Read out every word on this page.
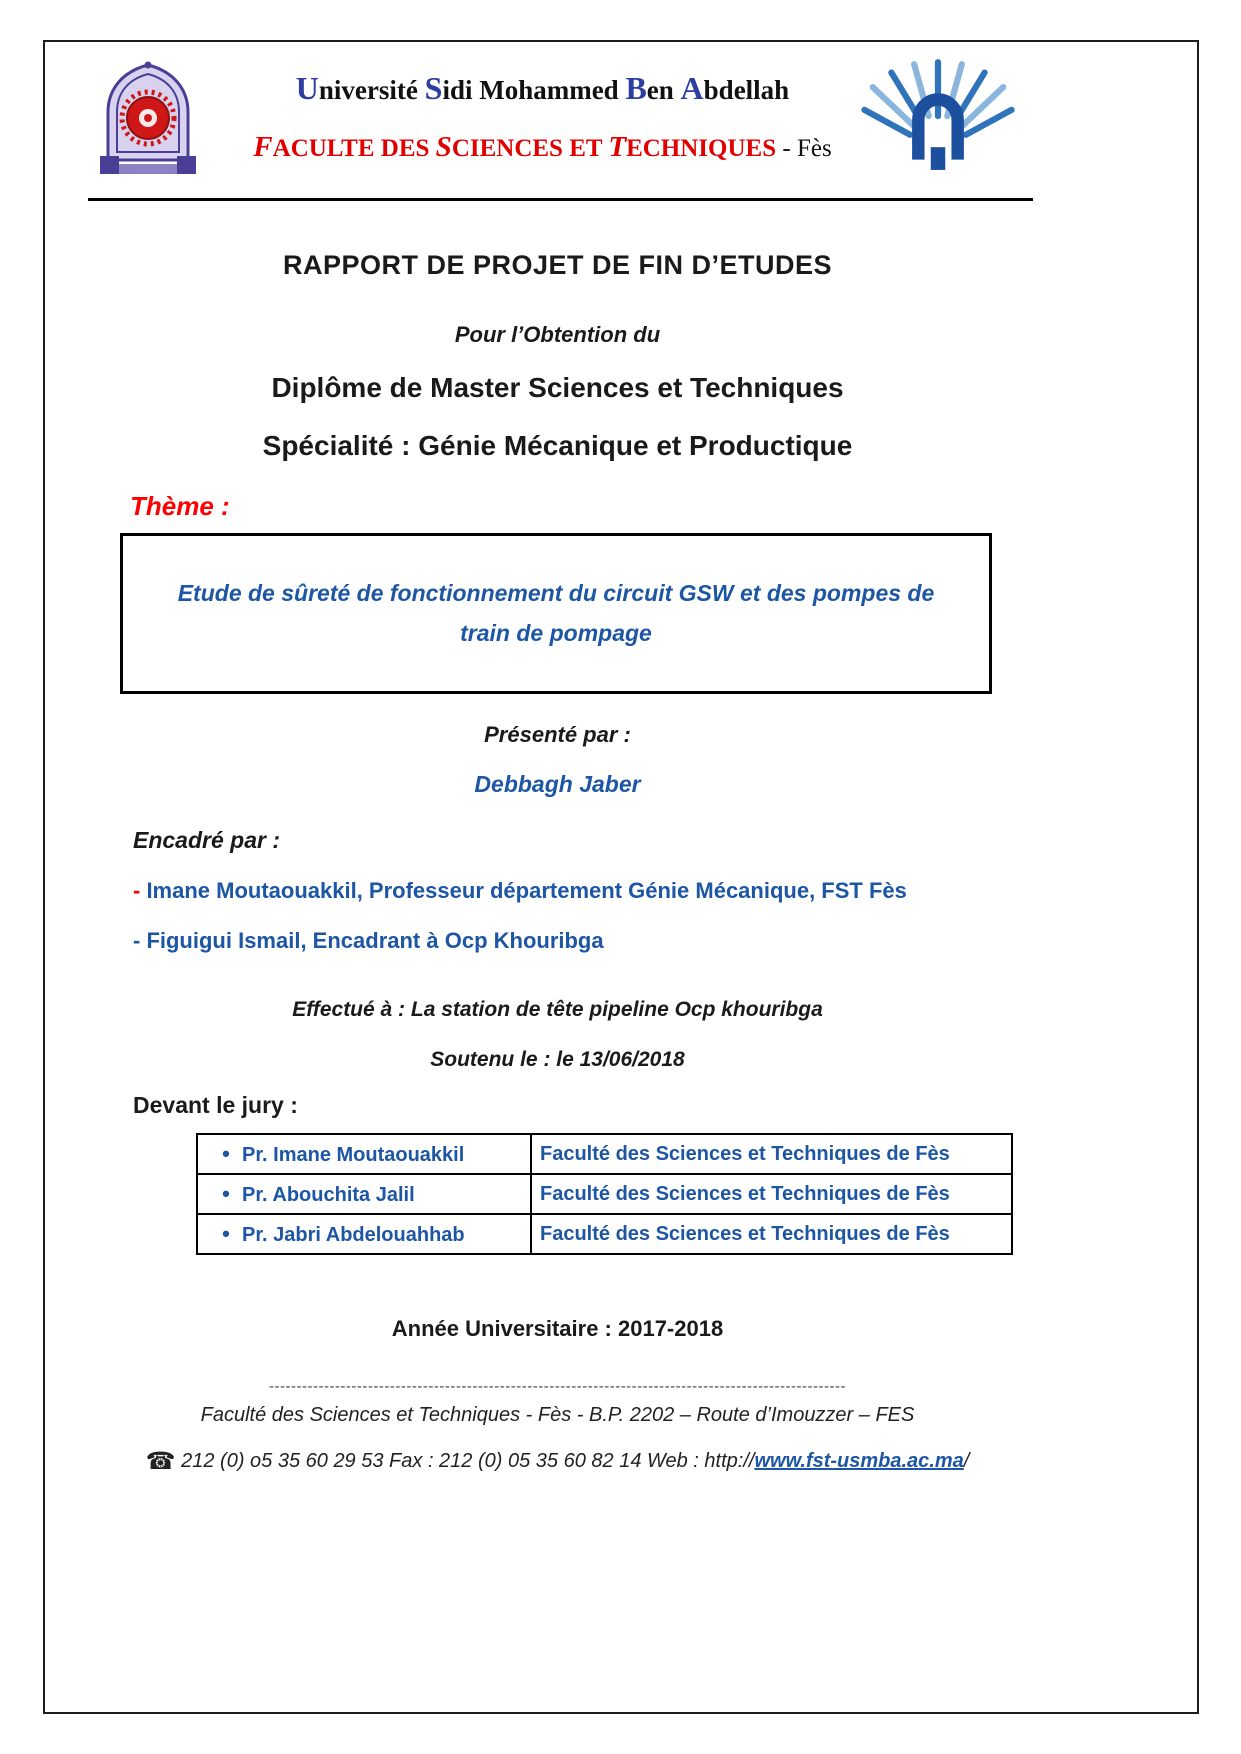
Université Sidi Mohammed Ben Abdellah
FACULTE DES SCIENCES ET TECHNIQUES - Fès
RAPPORT DE PROJET DE FIN D’ETUDES
Pour l’Obtention du
Diplôme de Master Sciences et Techniques
Spécialité : Génie Mécanique et Productique
Thème :
Etude de sûreté de fonctionnement du circuit GSW et des pompes de
train de pompage
Présenté par :
Debbagh Jaber
Encadré par :
- Imane Moutaouakkil, Professeur département Génie Mécanique, FST Fès
- Figuigui Ismail, Encadrant à Ocp Khouribga
Effectué à : La station de tête pipeline Ocp khouribga
Soutenu le : le 13/06/2018
Devant le jury :
• Pr. Imane Moutaouakkil	Faculté des Sciences et Techniques de Fès
• Pr. Abouchita Jalil	Faculté des Sciences et Techniques de Fès
• Pr. Jabri Abdelouahhab	Faculté des Sciences et Techniques de Fès
Année Universitaire : 2017-2018
---------------------------------------------------------------------------------------------------------
Faculté des Sciences et Techniques - Fès - B.P. 2202 – Route d’Imouzzer – FES
☎ 212 (0) o5 35 60 29 53 Fax : 212 (0) 05 35 60 82 14 Web : http://www.fst-usmba.ac.ma/
